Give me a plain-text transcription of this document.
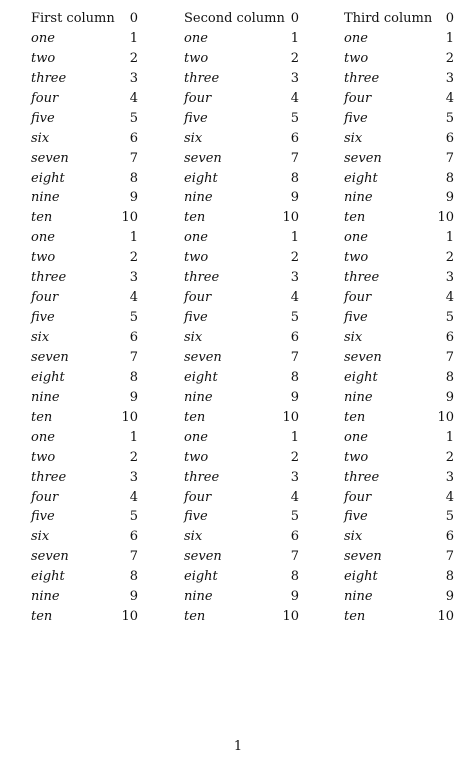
First column 0
one	1
two	2
three	3
four	4
five	5
six	6
seven	7
eight	8
nine	9
ten	10
one	1
two	2
three	3
four	4
five	5
six	6
seven	7
eight	8
nine	9
ten	10
one	1
two	2
three	3
four	4
five	5
six	6
seven	7
eight	8
nine	9
ten	10
Second column 0
one	1
two	2
three	3
four	4
five	5
six	6
seven	7
eight	8
nine	9
ten	10
one	1
two	2
three	3
four	4
five	5
six	6
seven	7
eight	8
nine	9
ten	10
one	1
two	2
three	3
four	4
five	5
six	6
seven	7
eight	8
nine	9
ten	10
Third column 0
one	1
two	2
three	3
four	4
five	5
six	6
seven	7
eight	8
nine	9
ten	10
one	1
two	2
three	3
four	4
five	5
six	6
seven	7
eight	8
nine	9
ten	10
one	1
two	2
three	3
four	4
five	5
six	6
seven	7
eight	8
nine	9
ten	10
1
